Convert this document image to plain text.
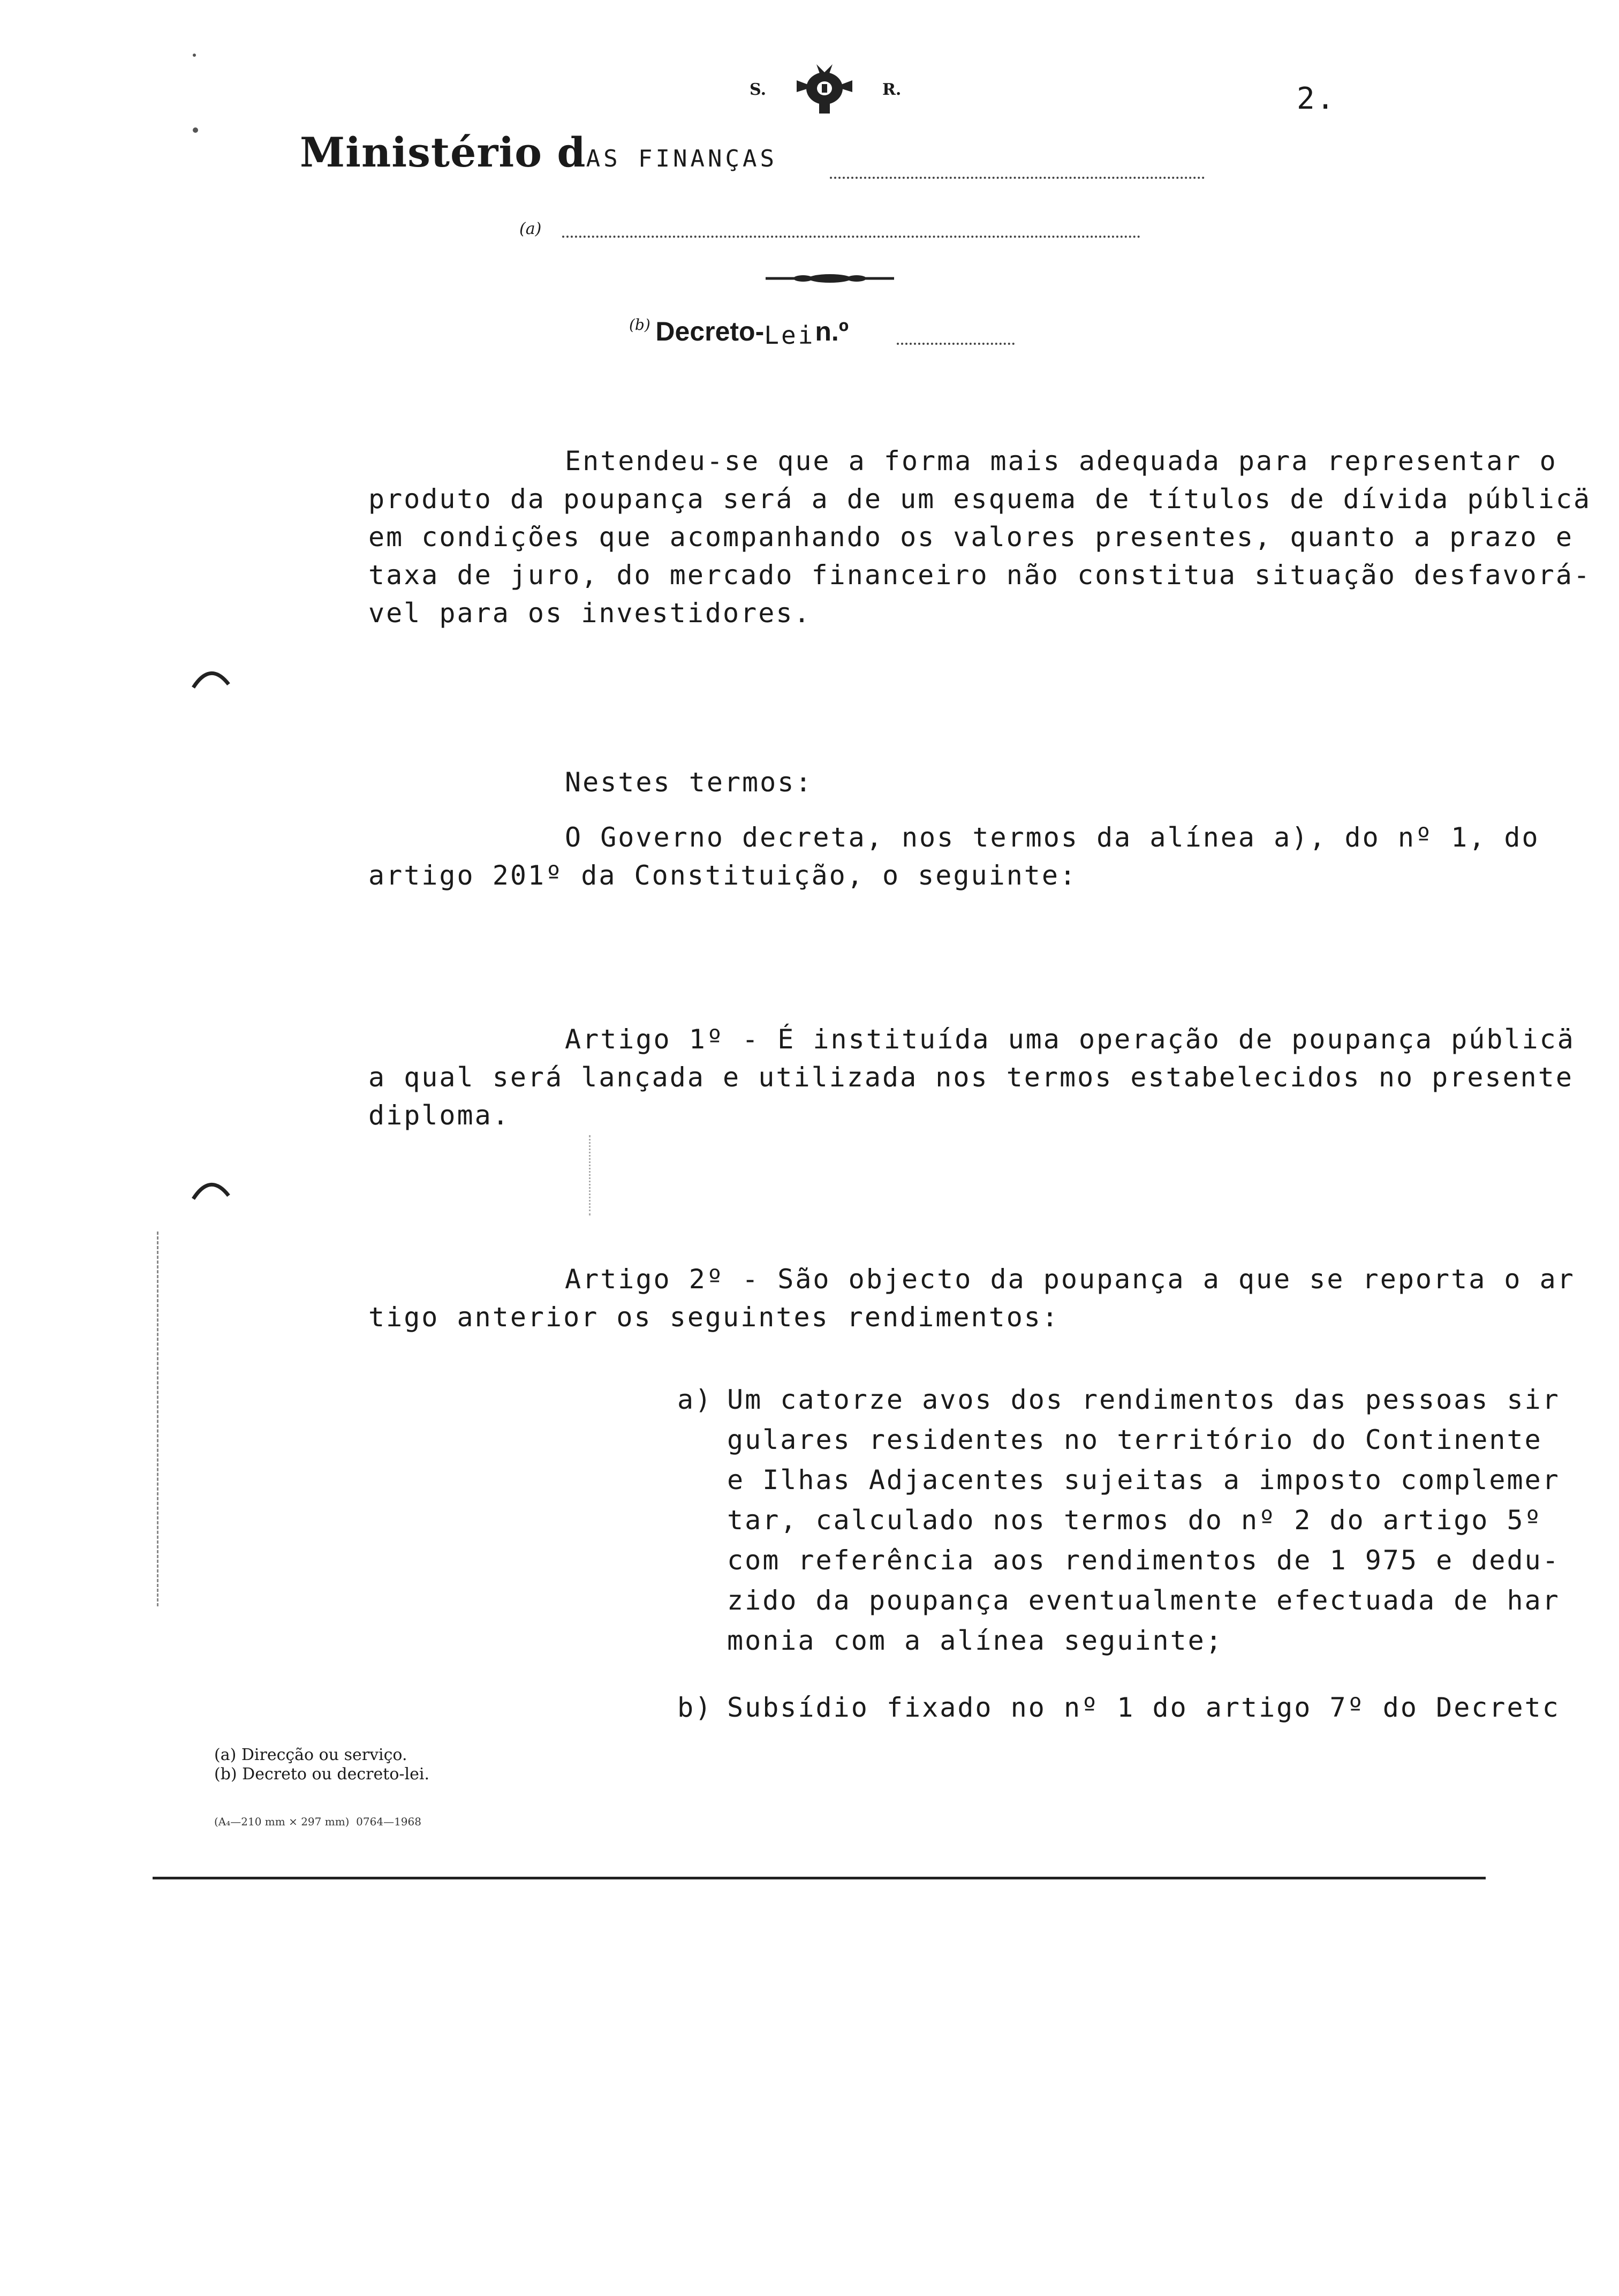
2.
S.	R.
Ministério dAS FINANÇAS
(a)
(b) Decreto-Lein.º
Entendeu-se que a forma mais adequada para representar o
produto da poupança será a de um esquema de títulos de dívida públicä
em condições que acompanhando os valores presentes, quanto a prazo e
taxa de juro, do mercado financeiro não constitua situação desfavorá-
vel para os investidores.
Nestes termos:
O Governo decreta, nos termos da alínea a), do nº 1, do
artigo 201º da Constituição, o seguinte:
Artigo 1º - É instituída uma operação de poupança públicä
a qual será lançada e utilizada nos termos estabelecidos no presente
diploma.
Artigo 2º - São objecto da poupança a que se reporta o ar
tigo anterior os seguintes rendimentos:
a) Um catorze avos dos rendimentos das pessoas sir
gulares residentes no território do Continente
e Ilhas Adjacentes sujeitas a imposto complemer
tar, calculado nos termos do nº 2 do artigo 5º
com referência aos rendimentos de 1 975 e dedu-
zido da poupança eventualmente efectuada de har
monia com a alínea seguinte;
b) Subsídio fixado no nº 1 do artigo 7º do Decretc
(a) Direcção ou serviço.
(b) Decreto ou decreto-lei.
(A₄—210 mm × 297 mm)  0764—1968
